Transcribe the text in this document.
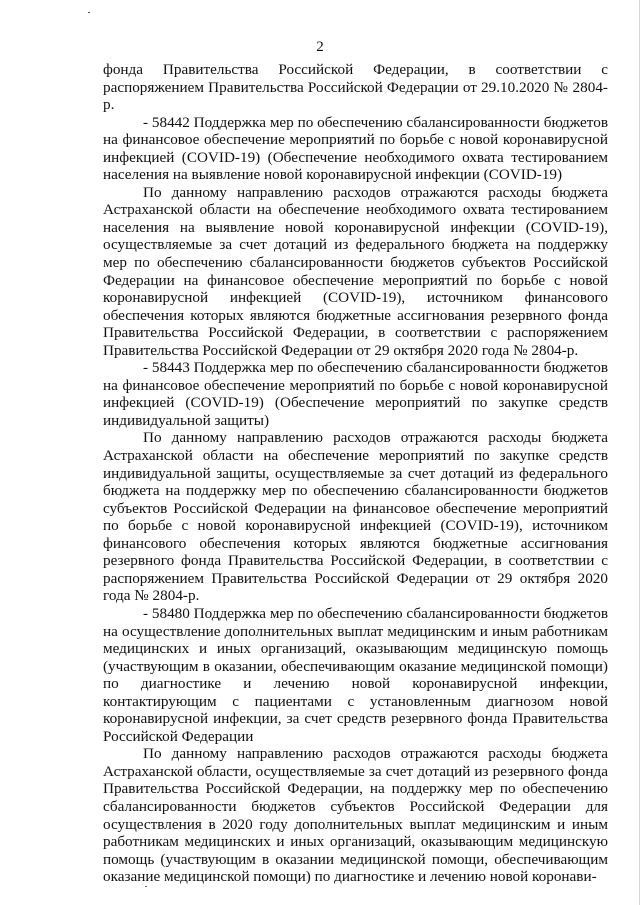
2

фонда Правительства Российской Федерации, в соответствии с распоряжением Правительства Российской Федерации от 29.10.2020 № 2804-р.

- 58442 Поддержка мер по обеспечению сбалансированности бюджетов на финансовое обеспечение мероприятий по борьбе с новой коронавирусной инфекцией (COVID-19) (Обеспечение необходимого охвата тестированием населения на выявление новой коронавирусной инфекции (COVID-19)

По данному направлению расходов отражаются расходы бюджета Астраханской области на обеспечение необходимого охвата тестированием населения на выявление новой коронавирусной инфекции (COVID-19), осуществляемые за счет дотаций из федерального бюджета на поддержку мер по обеспечению сбалансированности бюджетов субъектов Российской Федерации на финансовое обеспечение мероприятий по борьбе с новой коронавирусной инфекцией (COVID-19), источником финансового обеспечения которых являются бюджетные ассигнования резервного фонда Правительства Российской Федерации, в соответствии с распоряжением Правительства Российской Федерации от 29 октября 2020 года № 2804-р.

- 58443 Поддержка мер по обеспечению сбалансированности бюджетов на финансовое обеспечение мероприятий по борьбе с новой коронавирусной инфекцией (COVID-19) (Обеспечение мероприятий по закупке средств индивидуальной защиты)

По данному направлению расходов отражаются расходы бюджета Астраханской области на обеспечение мероприятий по закупке средств индивидуальной защиты, осуществляемые за счет дотаций из федерального бюджета на поддержку мер по обеспечению сбалансированности бюджетов субъектов Российской Федерации на финансовое обеспечение мероприятий по борьбе с новой коронавирусной инфекцией (COVID-19), источником финансового обеспечения которых являются бюджетные ассигнования резервного фонда Правительства Российской Федерации, в соответствии с распоряжением Правительства Российской Федерации от 29 октября 2020 года № 2804-р.

- 58480 Поддержка мер по обеспечению сбалансированности бюджетов на осуществление дополнительных выплат медицинским и иным работникам медицинских и иных организаций, оказывающим медицинскую помощь (участвующим в оказании, обеспечивающим оказание медицинской помощи) по диагностике и лечению новой коронавирусной инфекции, контактирующим с пациентами с установленным диагнозом новой коронавирусной инфекции, за счет средств резервного фонда Правительства Российской Федерации

По данному направлению расходов отражаются расходы бюджета Астраханской области, осуществляемые за счет дотаций из резервного фонда Правительства Российской Федерации, на поддержку мер по обеспечению сбалансированности бюджетов субъектов Российской Федерации для осуществления в 2020 году дополнительных выплат медицинским и иным работникам медицинских и иных организаций, оказывающим медицинскую помощь (участвующим в оказании медицинской помощи, обеспечивающим оказание медицинской помощи) по диагностике и лечению новой коронави-
